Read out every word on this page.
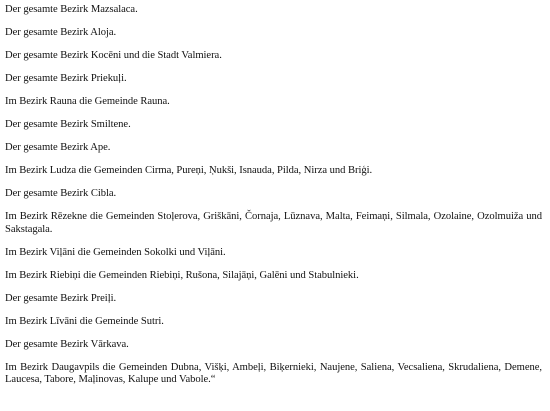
Der gesamte Bezirk Mazsalaca.

Der gesamte Bezirk Aloja.

Der gesamte Bezirk Kocēni und die Stadt Valmiera.

Der gesamte Bezirk Priekuļi.

Im Bezirk Rauna die Gemeinde Rauna.

Der gesamte Bezirk Smiltene.

Der gesamte Bezirk Ape.

Im Bezirk Ludza die Gemeinden Cirma, Pureņi, Ņukši, Isnauda, Pilda, Nirza und Briģi.

Der gesamte Bezirk Cibla.

Im Bezirk Rēzekne die Gemeinden Stoļerova, Griškāni, Čornaja, Lūznava, Malta, Feimaņi, Silmala, Ozolaine, Ozolmuiža und Sakstagala.

Im Bezirk Viļāni die Gemeinden Sokolki und Viļāni.

Im Bezirk Riebiņi die Gemeinden Riebiņi, Rušona, Silajāņi, Galēni und Stabulnieki.

Der gesamte Bezirk Preiļi.

Im Bezirk Līvāni die Gemeinde Sutri.

Der gesamte Bezirk Vārkava.

Im Bezirk Daugavpils die Gemeinden Dubna, Višķi, Ambeļi, Biķernieki, Naujene, Saliena, Vecsaliena, Skrudaliena, Demene, Laucesa, Tabore, Maļinovas, Kalupe und Vabole.“
